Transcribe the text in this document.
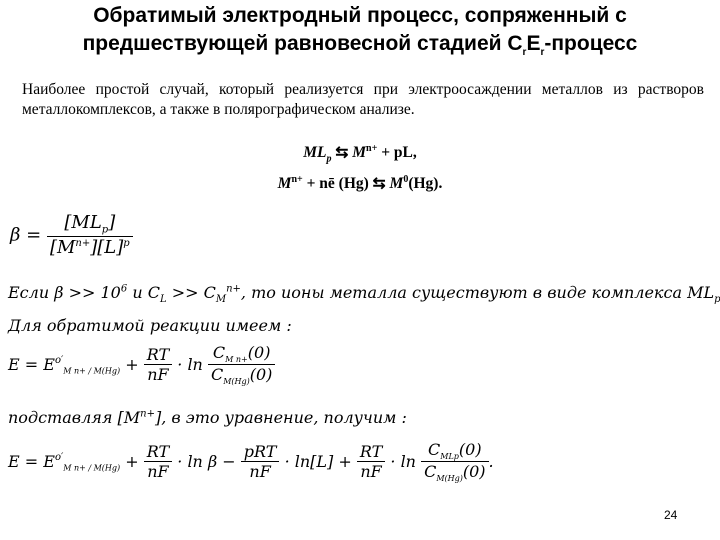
Обратимый электродный процесс, сопряженный с
предшествующей равновесной стадией $С_rЕ_r$-процесс
Наиболее простой случай, который реализуется при электроосаждении металлов из растворов металлокомплексов, а также в полярографическом анализе.
$ML_p$ ⇆ $M^{n+}$ + pL,
$M^{n+}$ + nē (Hg) ⇆ $M^0(Hg)$.
$\beta = \frac{[ML_p]}{[M^{n+}][L]^p}$
Если $\beta >> 10^6$ и $C_L >> C_M^{n+}$, то ионы металла существуют в виде комплекса $ML_p$
Для обратимой реакции имеем :
$E = E^{o'}_{M n+ / M(Hg)} + \frac{RT}{nF} \cdot \ln \frac{C_{M n+}(0)}{C_{M(Hg)}(0)}$
подставляя $[M^{n+}]$, в это уравнение, получим :
$E = E^{o'}_{M n+ / M(Hg)} + \frac{RT}{nF} \cdot \ln \beta - \frac{\text{pRT}}{nF} \cdot \ln[L] + \frac{RT}{nF} \cdot \ln \frac{C_{MLp}(0)}{C_{M(Hg)}(0)}$ .
24
